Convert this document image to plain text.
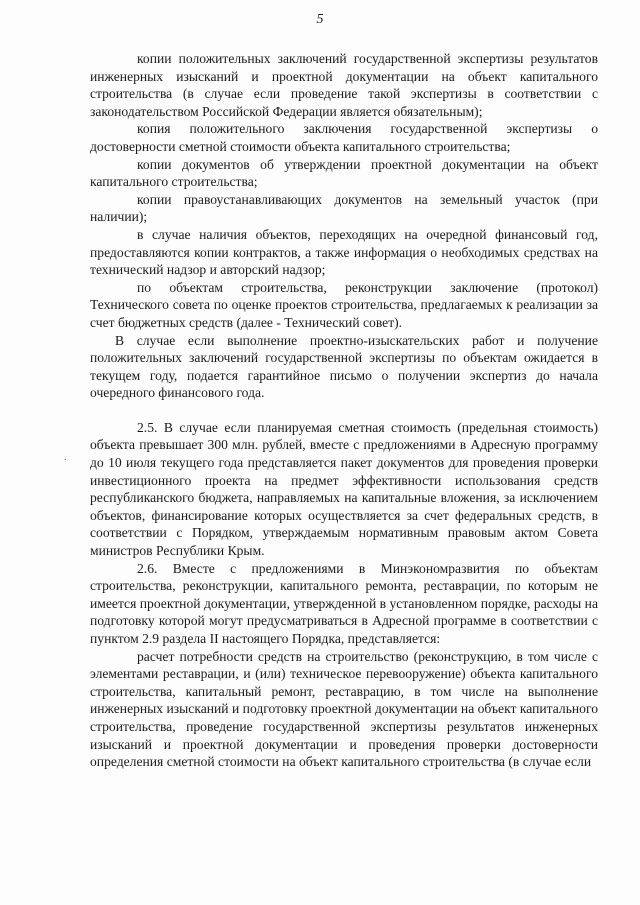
5

копии положительных заключений государственной экспертизы результатов инженерных изысканий и проектной документации на объект капитального строительства (в случае если проведение такой экспертизы в соответствии с законодательством Российской Федерации является обязательным);

копия положительного заключения государственной экспертизы о достоверности сметной стоимости объекта капитального строительства;

копии документов об утверждении проектной документации на объект капитального строительства;

копии правоустанавливающих документов на земельный участок (при наличии);

в случае наличия объектов, переходящих на очередной финансовый год, предоставляются копии контрактов, а также информация о необходимых средствах на технический надзор и авторский надзор;

по объектам строительства, реконструкции заключение (протокол) Технического совета по оценке проектов строительства, предлагаемых к реализации за счет бюджетных средств (далее - Технический совет).

В случае если выполнение проектно-изыскательских работ и получение положительных заключений государственной экспертизы по объектам ожидается в текущем году, подается гарантийное письмо о получении экспертиз до начала очередного финансового года.

2.5. В случае если планируемая сметная стоимость (предельная стоимость) объекта превышает 300 млн. рублей, вместе с предложениями в Адресную программу до 10 июля текущего года представляется пакет документов для проведения проверки инвестиционного проекта на предмет эффективности использования средств республиканского бюджета, направляемых на капитальные вложения, за исключением объектов, финансирование которых осуществляется за счет федеральных средств, в соответствии с Порядком, утверждаемым нормативным правовым актом Совета министров Республики Крым.

2.6. Вместе с предложениями в Минэкономразвития по объектам строительства, реконструкции, капитального ремонта, реставрации, по которым не имеется проектной документации, утвержденной в установленном порядке, расходы на подготовку которой могут предусматриваться в Адресной программе в соответствии с пунктом 2.9 раздела II настоящего Порядка, представляется:

расчет потребности средств на строительство (реконструкцию, в том числе с элементами реставрации, и (или) техническое перевооружение) объекта капитального строительства, капитальный ремонт, реставрацию, в том числе на выполнение инженерных изысканий и подготовку проектной документации на объект капитального строительства, проведение государственной экспертизы результатов инженерных изысканий и проектной документации и проведения проверки достоверности определения сметной стоимости на объект капитального строительства (в случае если

.
